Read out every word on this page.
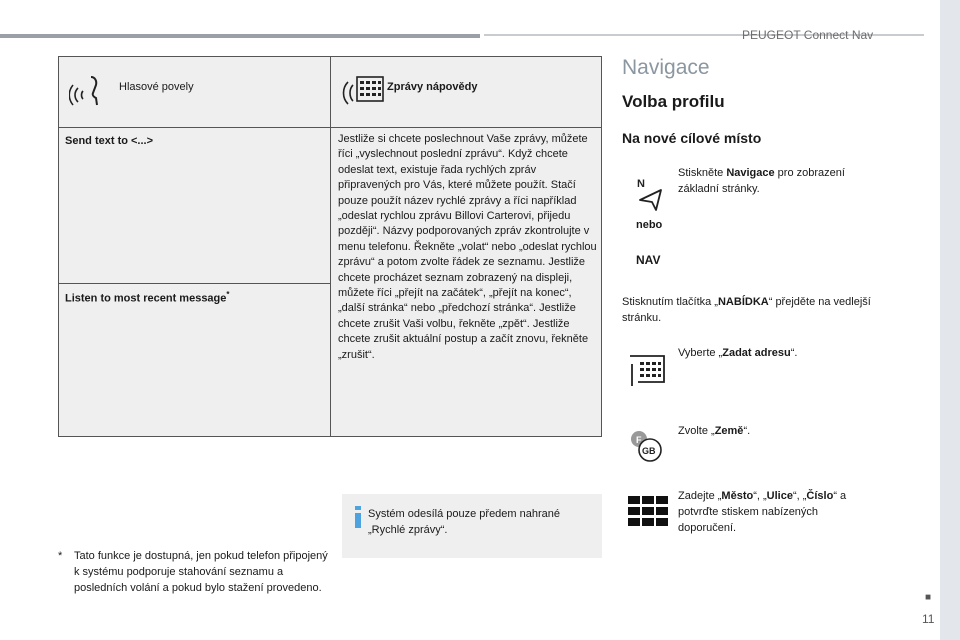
PEUGEOT Connect Nav
■
11
Hlasové povely	Zprávy nápovědy
Send text to <...>
Listen to most recent message*
Jestliže si chcete poslechnout Vaše zprávy, můžete říci „vyslechnout poslední zprávu“. Když chcete odeslat text, existuje řada rychlých zpráv připravených pro Vás, které můžete použít. Stačí pouze použít název rychlé zprávy a říci například „odeslat rychlou zprávu Billovi Carterovi, přijedu později“. Názvy podporovaných zpráv zkontrolujte v menu telefonu. Řekněte „volat“ nebo „odeslat rychlou zprávu“ a potom zvolte řádek ze seznamu. Jestliže chcete procházet seznam zobrazený na displeji, můžete říci „přejít na začátek“, „přejít na konec“, „další stránka“ nebo „předchozí stránka“. Jestliže chcete zrušit Vaši volbu, řekněte „zpět“. Jestliže chcete zrušit aktuální postup a začít znovu, řekněte „zrušit“.
* Tato funkce je dostupná, jen pokud telefon připojený k systému podporuje stahování seznamu a posledních volání a pokud bylo stažení provedeno.
Systém odesílá pouze předem nahrané „Rychlé zprávy“.
Navigace
Volba profilu
Na nové cílové místo
N
Stiskněte Navigace pro zobrazení základní stránky.
nebo
NAV
Stisknutím tlačítka „NABÍDKA“ přejděte na vedlejší stránku.
Vyberte „Zadat adresu“.
F
GB
Zvolte „Země“.
Zadejte „Město“, „Ulice“, „Číslo“ a potvrďte stiskem nabízených doporučení.
